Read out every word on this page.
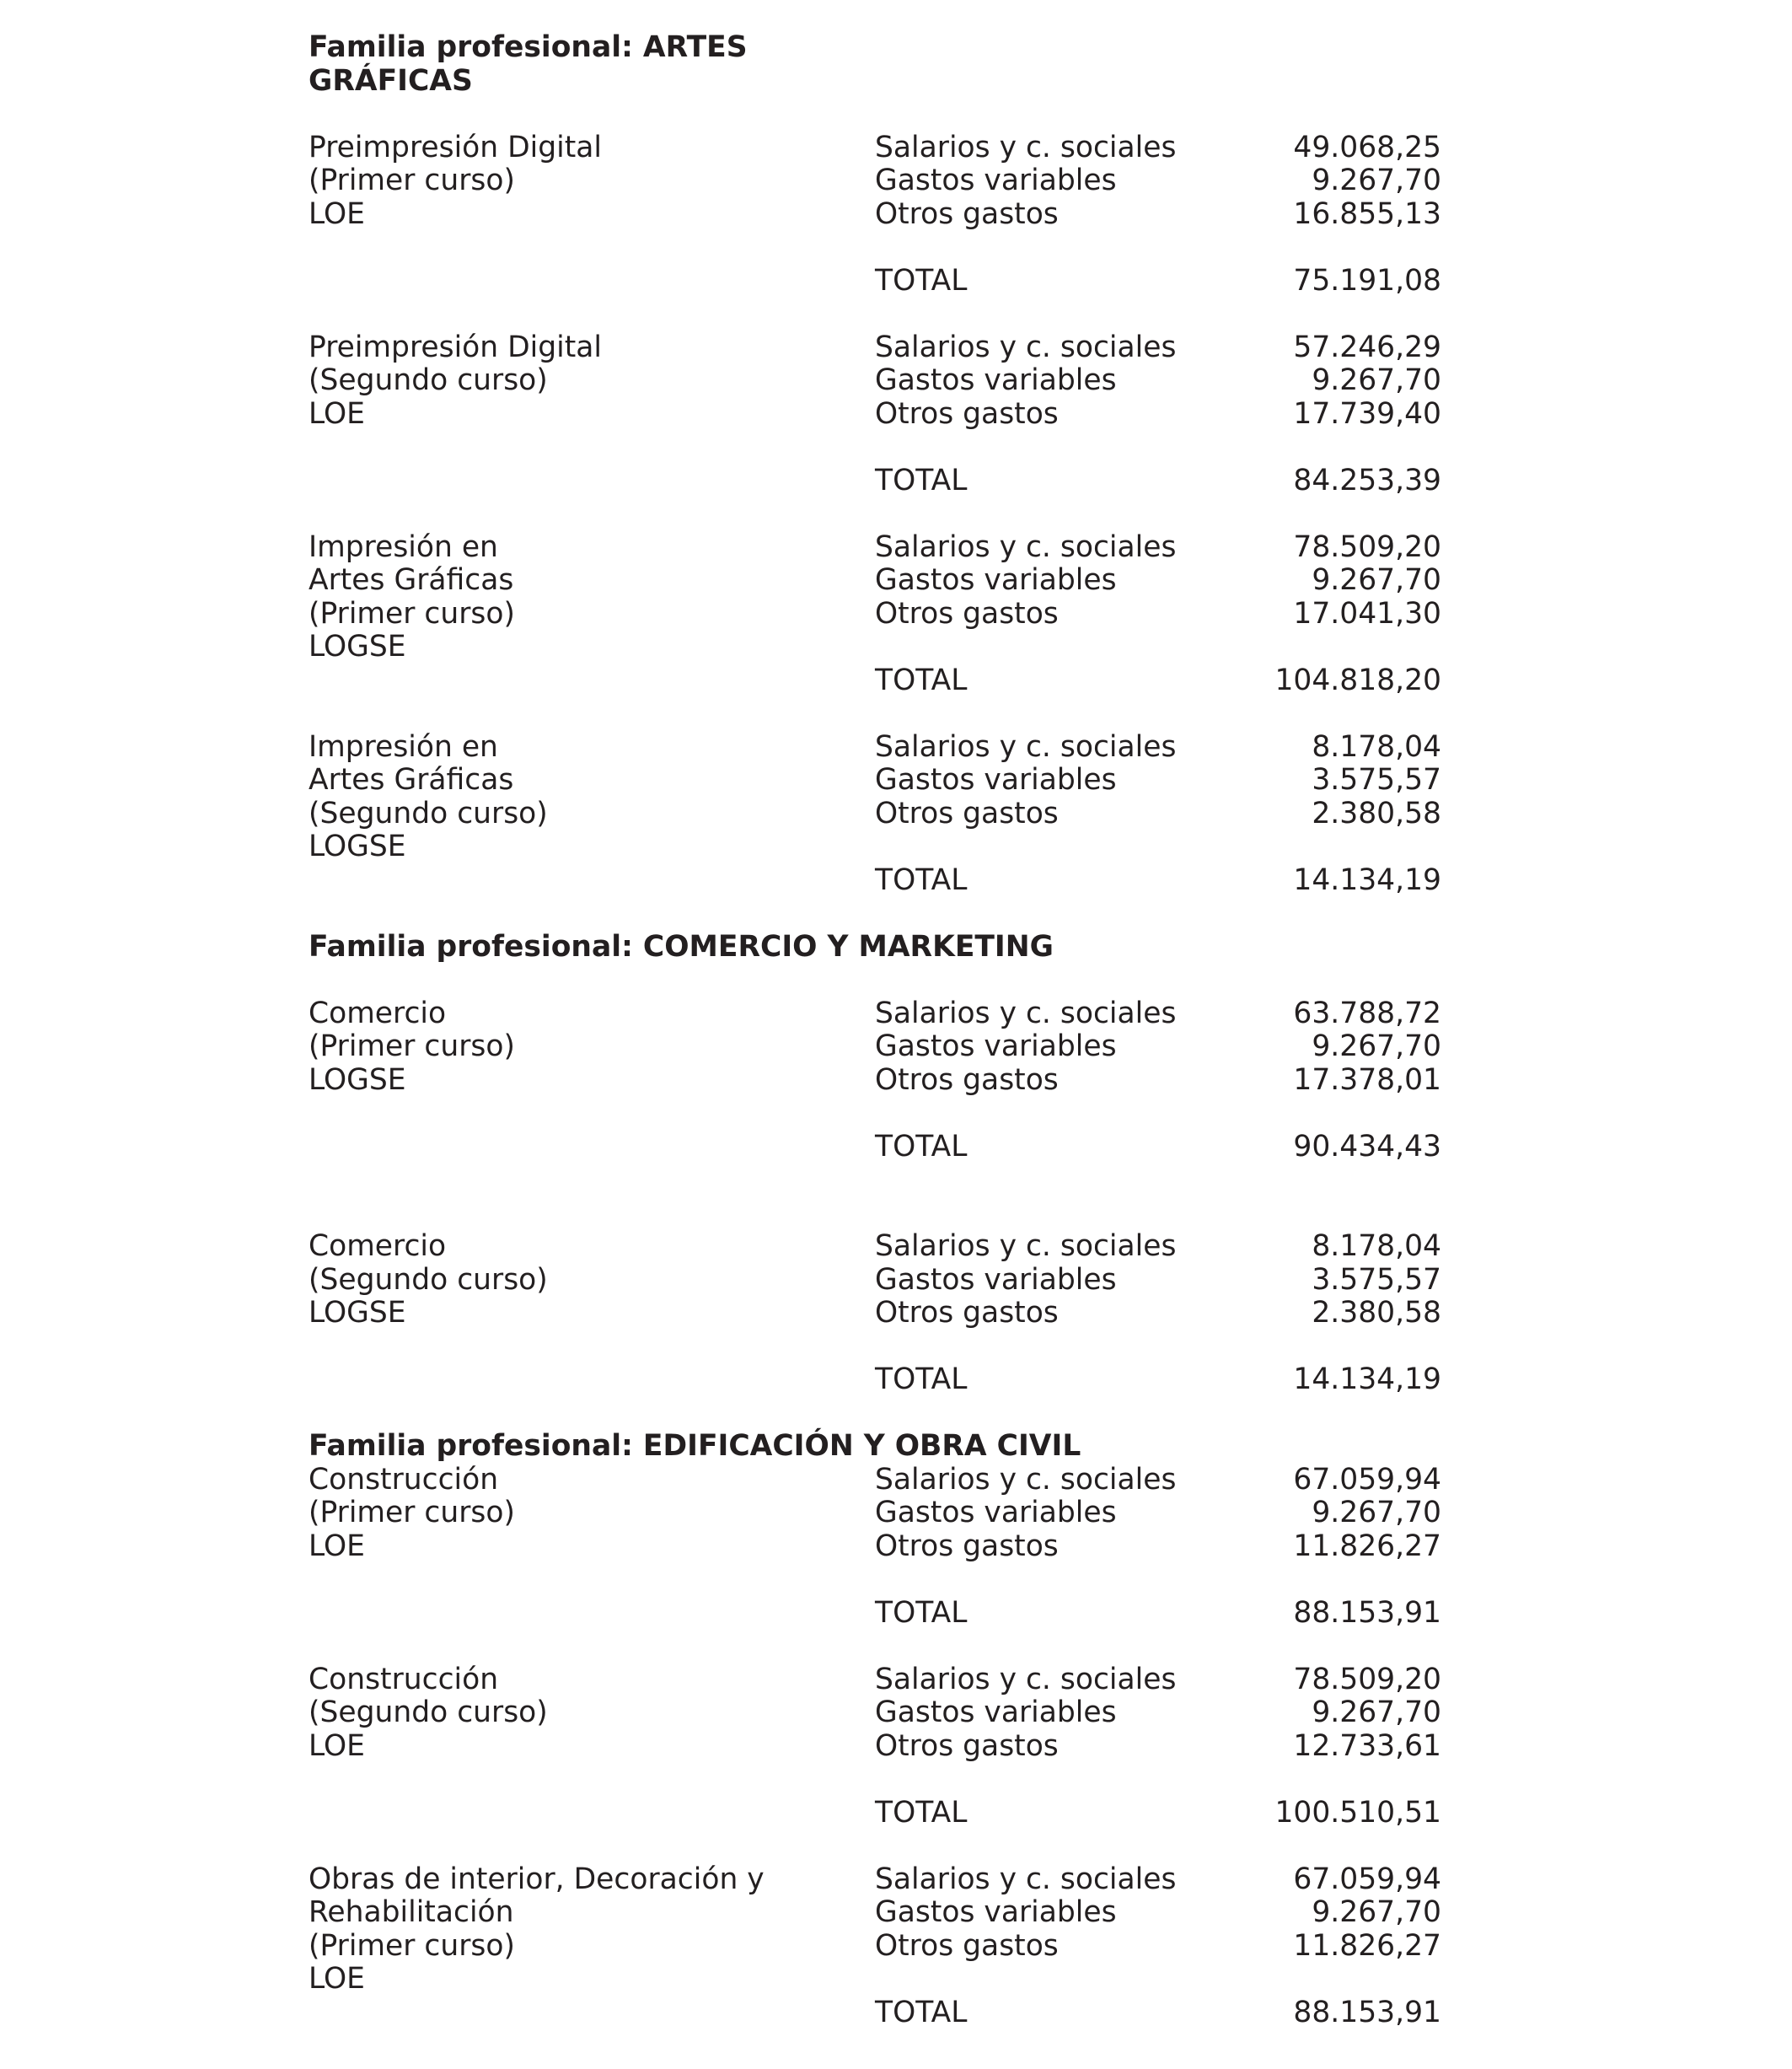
Familia profesional: ARTES
GRÁFICAS
Preimpresión Digital
(Primer curso)
LOE
Salarios y c. sociales	49.068,25
Gastos variables	9.267,70
Otros gastos	16.855,13
TOTAL	75.191,08
Preimpresión Digital
(Segundo curso)
LOE
Salarios y c. sociales	57.246,29
Gastos variables	9.267,70
Otros gastos	17.739,40
TOTAL	84.253,39
Impresión en
Artes Gráficas
(Primer curso)
LOGSE
Salarios y c. sociales	78.509,20
Gastos variables	9.267,70
Otros gastos	17.041,30
TOTAL	104.818,20
Impresión en
Artes Gráficas
(Segundo curso)
LOGSE
Salarios y c. sociales	8.178,04
Gastos variables	3.575,57
Otros gastos	2.380,58
TOTAL	14.134,19
Familia profesional: COMERCIO Y MARKETING
Comercio
(Primer curso)
LOGSE
Salarios y c. sociales	63.788,72
Gastos variables	9.267,70
Otros gastos	17.378,01
TOTAL	90.434,43
Comercio
(Segundo curso)
LOGSE
Salarios y c. sociales	8.178,04
Gastos variables	3.575,57
Otros gastos	2.380,58
TOTAL	14.134,19
Familia profesional: EDIFICACIÓN Y OBRA CIVIL
Construcción
(Primer curso)
LOE
Salarios y c. sociales	67.059,94
Gastos variables	9.267,70
Otros gastos	11.826,27
TOTAL	88.153,91
Construcción
(Segundo curso)
LOE
Salarios y c. sociales	78.509,20
Gastos variables	9.267,70
Otros gastos	12.733,61
TOTAL	100.510,51
Obras de interior, Decoración y
Rehabilitación
(Primer curso)
LOE
Salarios y c. sociales	67.059,94
Gastos variables	9.267,70
Otros gastos	11.826,27
TOTAL	88.153,91
